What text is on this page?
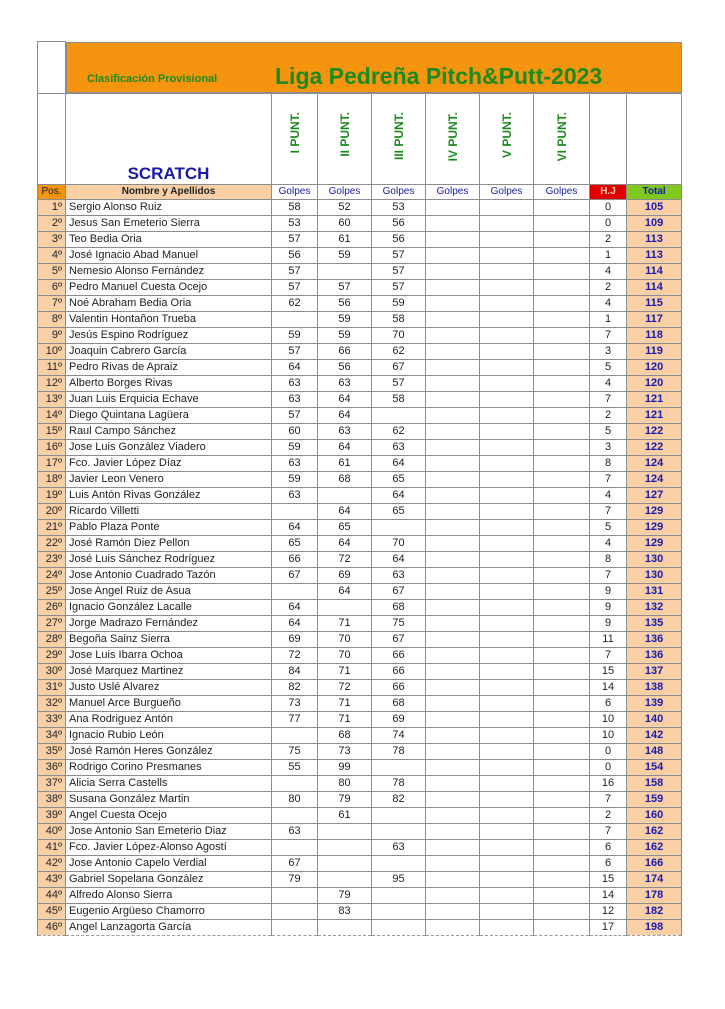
	Clasificación Provisional Liga Pedreña Pitch&Putt-2023								

	SCRATCH	I PUNT.	II PUNT.	III PUNT.	IV PUNT.	V PUNT.	VI PUNT.		
Pos.	Nombre y Apellidos	Golpes	Golpes	Golpes	Golpes	Golpes	Golpes	H.J	Total
1º	Sergio Alonso Ruiz	58	52	53				0	105
2º	Jesus San Emeterio Sierra	53	60	56				0	109
3º	Teo Bedia Oria	57	61	56				2	113
4º	José Ignacio Abad Manuel	56	59	57				1	113
5º	Nemesio Alonso Fernández	57		57				4	114
6º	Pedro Manuel Cuesta Ocejo	57	57	57				2	114
7º	Noé Abraham Bedia Oria	62	56	59				4	115
8º	Valentin Hontañon Trueba		59	58				1	117
9º	Jesús Espino Rodríguez	59	59	70				7	118
10º	Joaquin Cabrero García	57	66	62				3	119
11º	Pedro Rivas de Apraiz	64	56	67				5	120
12º	Alberto Borges Rivas	63	63	57				4	120
13º	Juan Luis Erquicia Echave	63	64	58				7	121
14º	Diego Quintana Lagüera	57	64					2	121
15º	Raul Campo Sánchez	60	63	62				5	122
16º	Jose Luis González Viadero	59	64	63				3	122
17º	Fco. Javier López Díaz	63	61	64				8	124
18º	Javier Leon Venero	59	68	65				7	124
19º	Luis Antón Rivas González	63		64				4	127
20º	Ricardo Villetti		64	65				7	129
21º	Pablo Plaza Ponte	64	65					5	129
22º	José Ramón Diez Pellon	65	64	70				4	129
23º	José Luis Sánchez Rodríguez	66	72	64				8	130
24º	Jose Antonio Cuadrado Tazón	67	69	63				7	130
25º	Jose Angel Ruiz de Asua		64	67				9	131
26º	Ignacio González Lacalle	64		68				9	132
27º	Jorge Madrazo Fernández	64	71	75				9	135
28º	Begoña Sainz Sierra	69	70	67				11	136
29º	Jose Luis Ibarra Ochoa	72	70	66				7	136
30º	José Marquez Martinez	84	71	66				15	137
31º	Justo Uslé Alvarez	82	72	66				14	138
32º	Manuel Arce Burgueño	73	71	68				6	139
33º	Ana Rodriguez Antón	77	71	69				10	140
34º	Ignacio Rubio León		68	74				10	142
35º	José Ramón Heres González	75	73	78				0	148
36º	Rodrigo Corino Presmanes	55	99					0	154
37º	Alicia Serra Castells		80	78				16	158
38º	Susana González Martin	80	79	82				7	159
39º	Angel Cuesta Ocejo		61					2	160
40º	Jose Antonio San Emeterio Diaz	63						7	162
41º	Fco. Javier López-Alonso Agostí			63				6	162
42º	Jose Antonio Capelo Verdial	67						6	166
43º	Gabriel Sopelana González	79		95				15	174
44º	Alfredo Alonso Sierra		79					14	178
45º	Eugenio Argüeso Chamorro		83					12	182
46º	Angel Lanzagorta García							17	198
